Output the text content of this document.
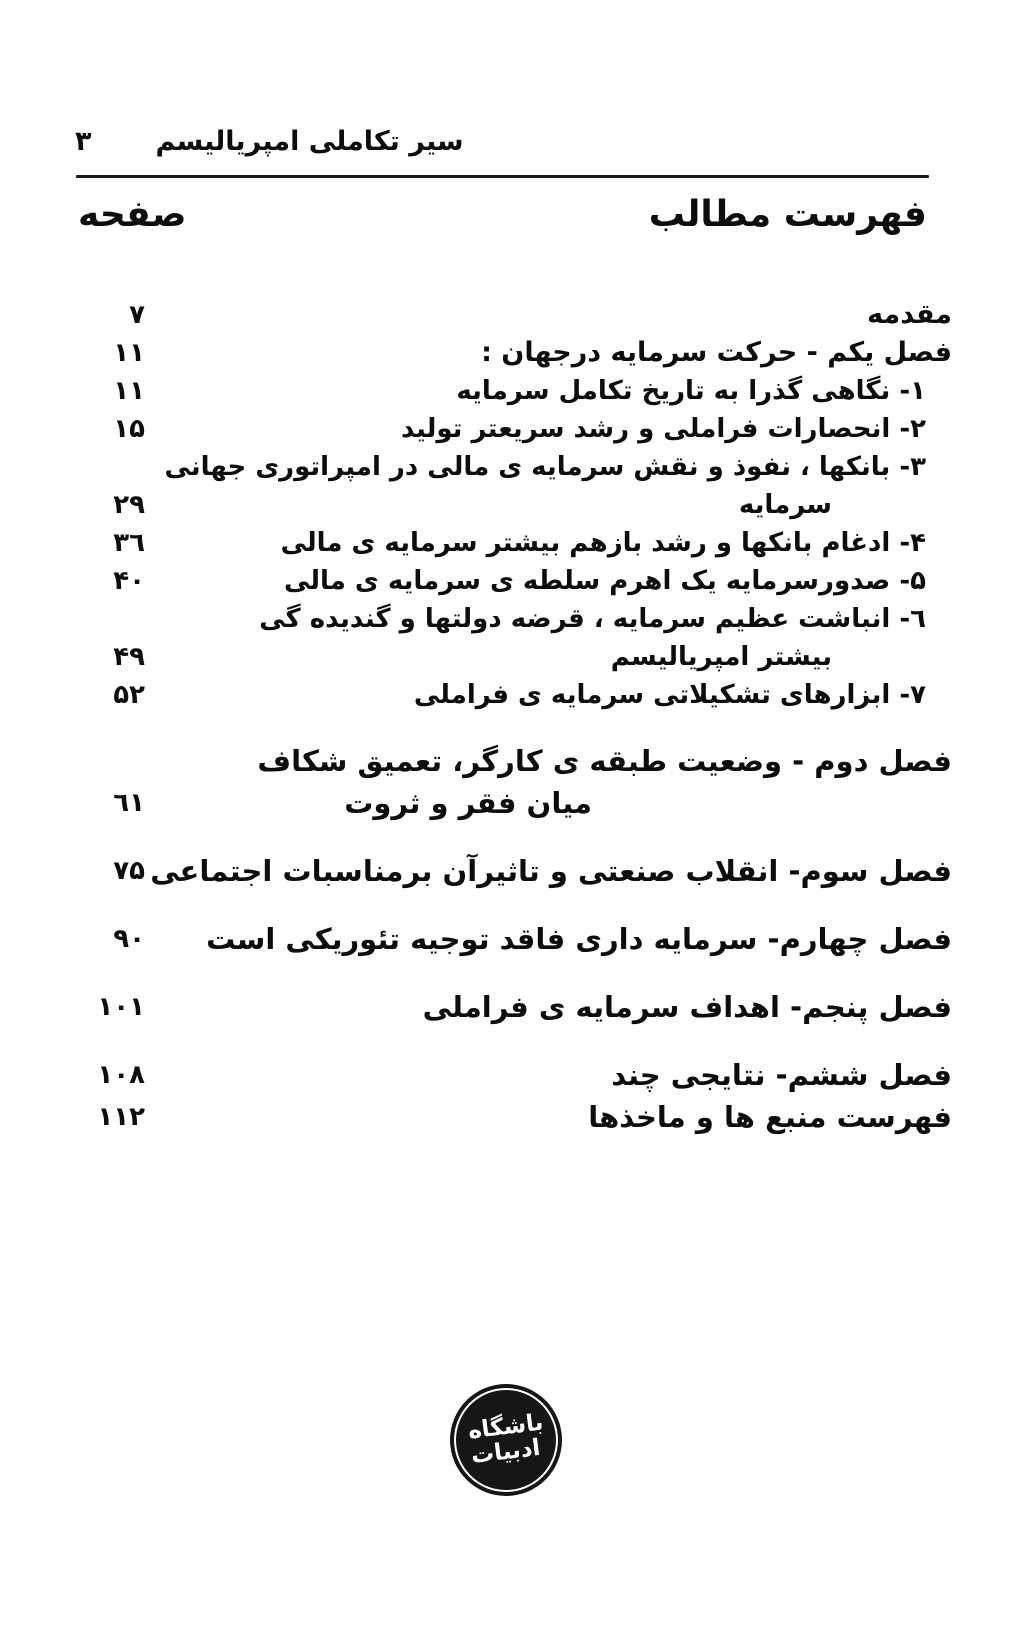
۳ سیر تکاملی امپریالیسم
فهرست مطالب
صفحه
مقدمه
۷
فصل یکم - حرکت سرمایه درجهان :
۱۱
۱- نگاهی گذرا به تاریخ تکامل سرمایه
۱۱
۲- انحصارات فراملی و رشد سریعتر تولید
۱۵
۳- بانکها ، نفوذ و نقش سرمایه ی مالی در امپراتوری جهانی
سرمایه
۲۹
۴- ادغام بانکها و رشد بازهم بیشتر سرمایه ی مالی
۳٦
۵- صدورسرمایه یک اهرم سلطه ی سرمایه ی مالی
۴۰
٦- انباشت عظیم سرمایه ، قرضه دولتها و گندیده گی
بیشتر امپریالیسم
۴۹
۷- ابزارهای تشکیلاتی سرمایه ی فراملی
۵۲
فصل دوم - وضعیت طبقه ی کارگر، تعمیق شکاف
میان فقر و ثروت
٦۱
فصل سوم- انقلاب صنعتی و تاثیرآن برمناسبات اجتماعی
۷۵
فصل چهارم- سرمایه داری فاقد توجیه تئوریکی است
۹۰
فصل پنجم- اهداف سرمایه ی فراملی
۱۰۱
فصل ششم- نتایجی چند
۱۰۸
فهرست منبع ها و ماخذها
۱۱۲
باشگاه
ادبیات
